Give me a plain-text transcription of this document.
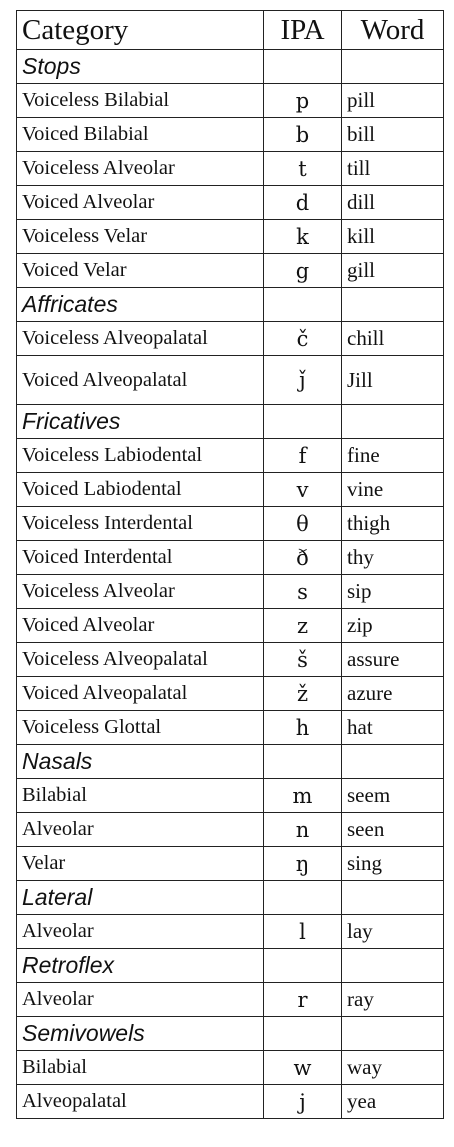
Category	IPA	Word
Stops		
Voiceless Bilabial	p	pill
Voiced Bilabial	b	bill
Voiceless Alveolar	t	till
Voiced Alveolar	d	dill
Voiceless Velar	k	kill
Voiced Velar	g	gill
Affricates		
Voiceless Alveopalatal	č	chill
Voiced Alveopalatal	ǰ	Jill
Fricatives		
Voiceless Labiodental	f	fine
Voiced Labiodental	v	vine
Voiceless Interdental	θ	thigh
Voiced Interdental	ð	thy
Voiceless Alveolar	s	sip
Voiced Alveolar	z	zip
Voiceless Alveopalatal	š	assure
Voiced Alveopalatal	ž	azure
Voiceless Glottal	h	hat
Nasals		
Bilabial	m	seem
Alveolar	n	seen
Velar	ŋ	sing
Lateral		
Alveolar	l	lay
Retroflex		
Alveolar	r	ray
Semivowels		
Bilabial	w	way
Alveopalatal	j	yea
